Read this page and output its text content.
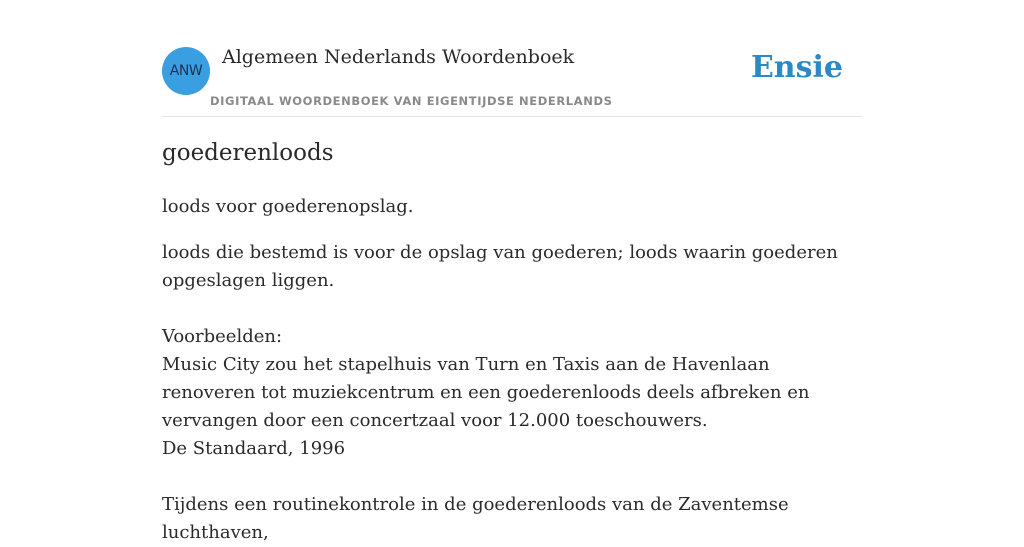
ANW
Algemeen Nederlands Woordenboek
DIGITAAL WOORDENBOEK VAN EIGENTIJDSE NEDERLANDS
Ensie
goederenloods
loods voor goederenopslag.

loods die bestemd is voor de opslag van goederen; loods waarin goederen opgeslagen liggen.

Voorbeelden:

Music City zou het stapelhuis van Turn en Taxis aan de Havenlaan renoveren tot muziekcentrum en een goederenloods deels afbreken en vervangen door een concertzaal voor 12.000 toeschouwers.

De Standaard, 1996

Tijdens een routinekontrole in de goederenloods van de Zaventemse luchthaven,
